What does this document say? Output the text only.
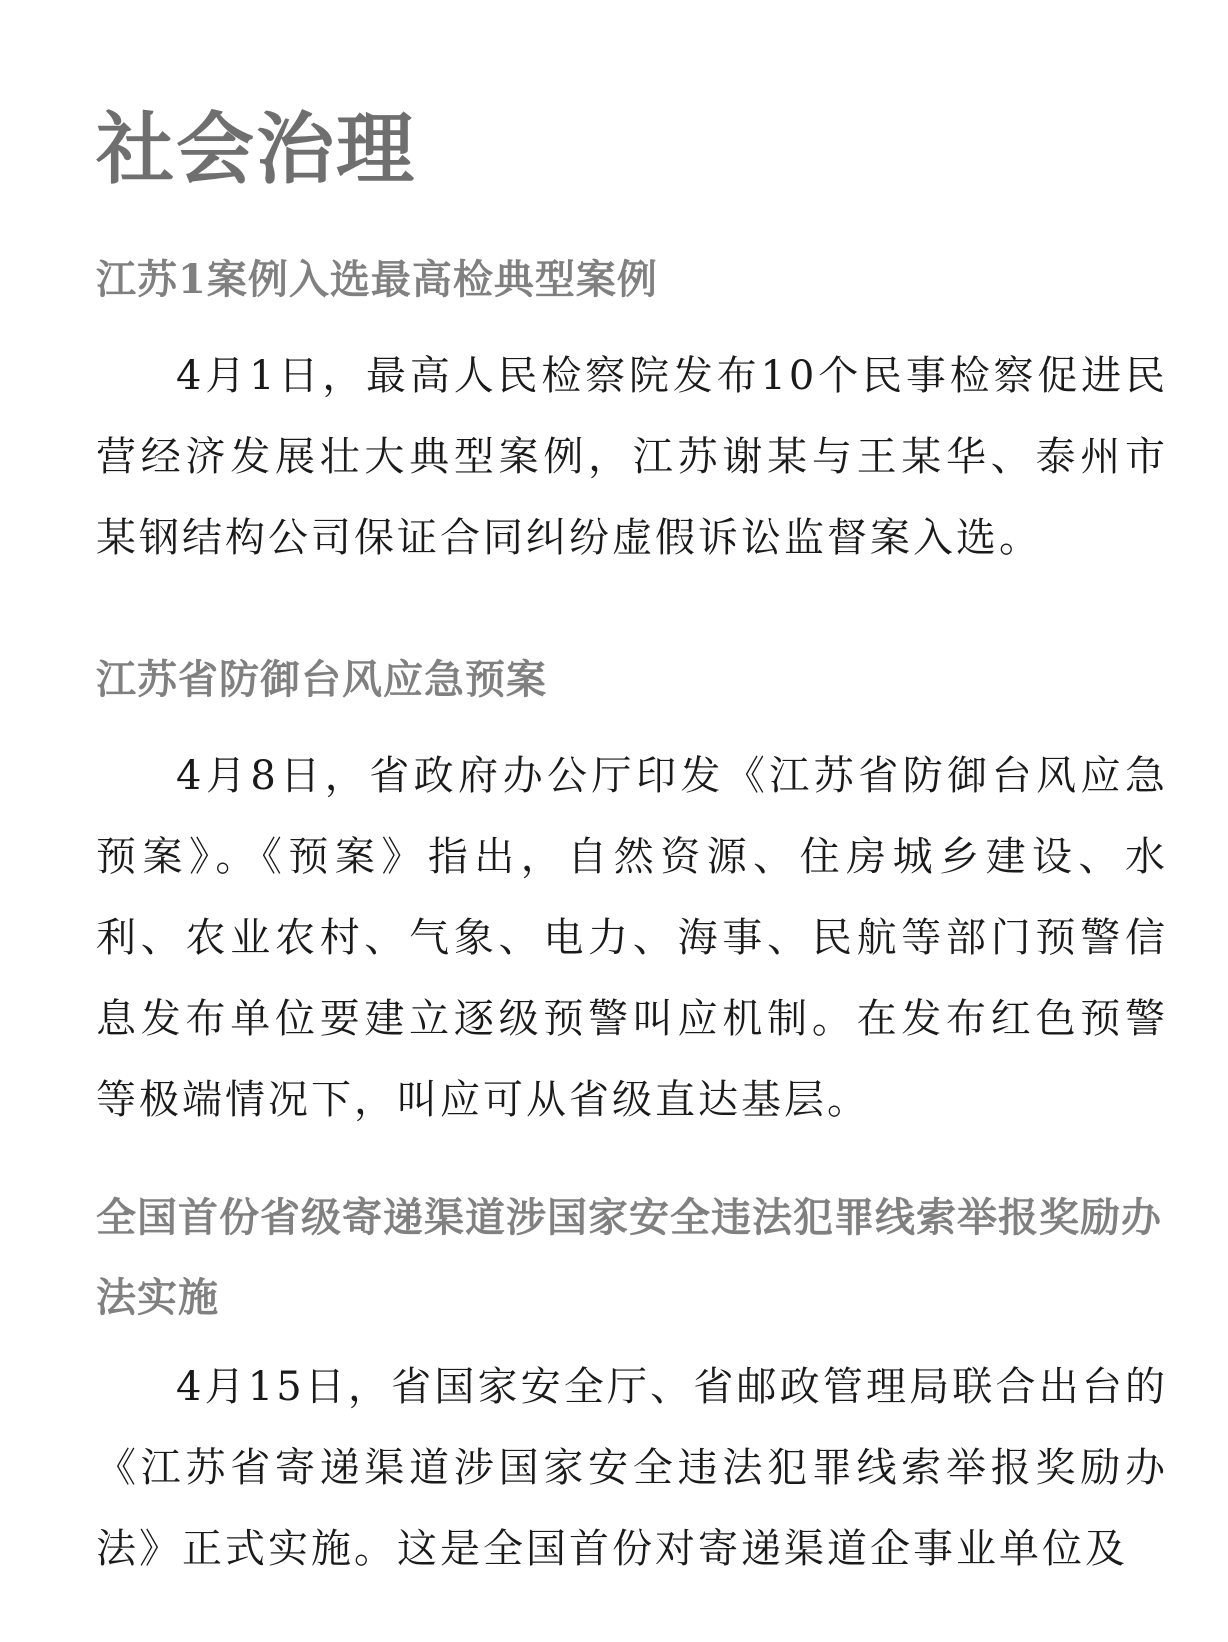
社会治理
江苏1案例入选最高检典型案例

4月1日，最高人民检察院发布10个民事检察促进民营经济发展壮大典型案例，江苏谢某与王某华、泰州市某钢结构公司保证合同纠纷虚假诉讼监督案入选。

江苏省防御台风应急预案

4月8日，省政府办公厅印发《江苏省防御台风应急预案》。《预案》指出，自然资源、住房城乡建设、水利、农业农村、气象、电力、海事、民航等部门预警信息发布单位要建立逐级预警叫应机制。在发布红色预警等极端情况下，叫应可从省级直达基层。

全国首份省级寄递渠道涉国家安全违法犯罪线索举报奖励办法实施

4月15日，省国家安全厅、省邮政管理局联合出台的《江苏省寄递渠道涉国家安全违法犯罪线索举报奖励办法》正式实施。这是全国首份对寄递渠道企事业单位及
